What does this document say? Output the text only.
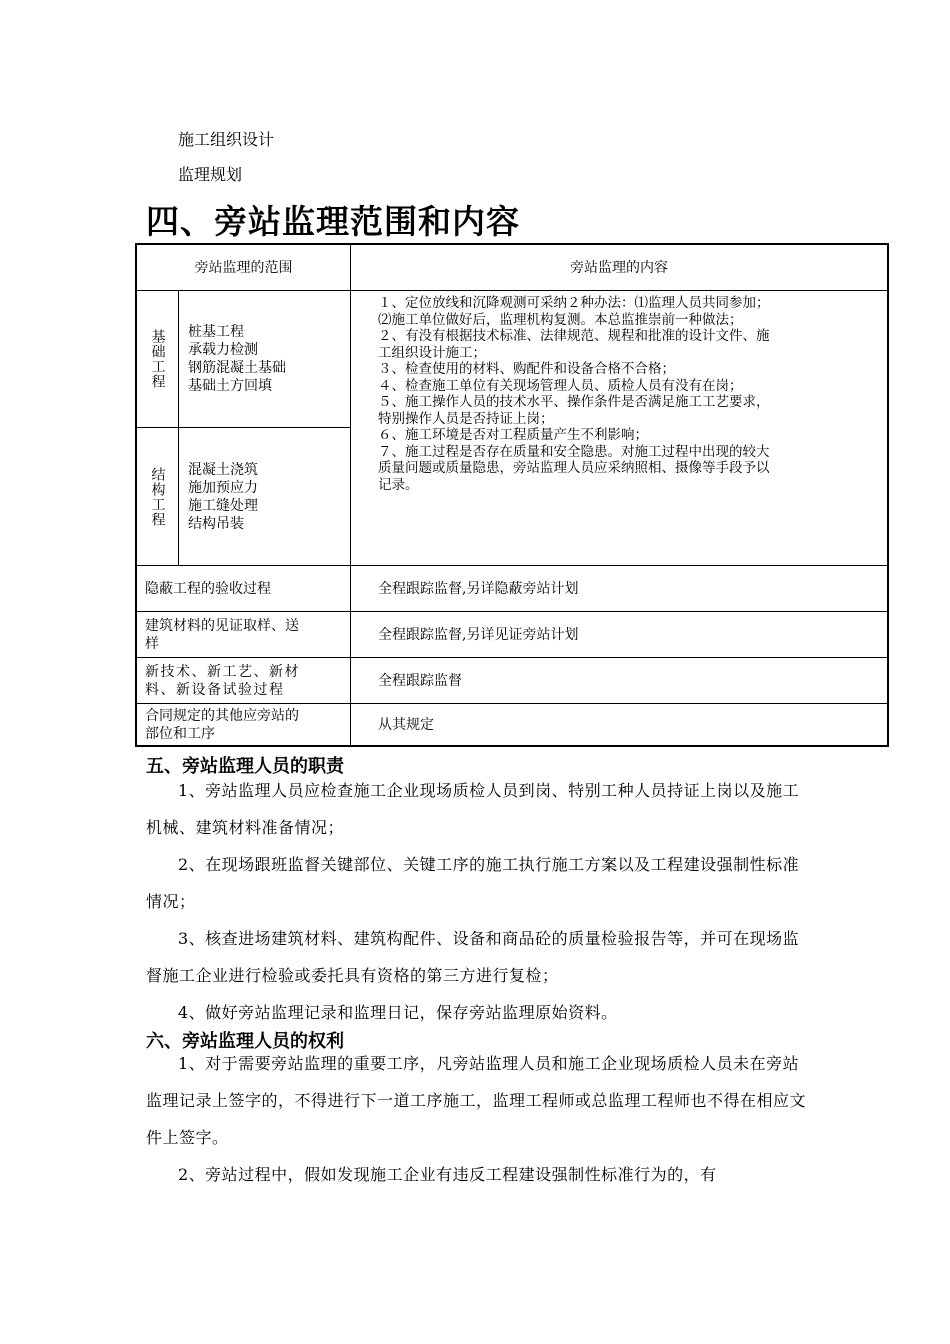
施工组织设计
监理规划
四、旁站监理范围和内容
旁站监理的范围	旁站监理的内容
基础工程 桩基工程
承载力检测
钢筋混凝土基础
基础土方回填
结构工程 混凝土浇筑
施加预应力
施工缝处理
结构吊装
１、定位放线和沉降观测可采纳２种办法：⑴监理人员共同参加；
⑵施工单位做好后，监理机构复测。本总监推崇前一种做法；
２、有没有根据技术标准、法律规范、规程和批准的设计文件、施
工组织设计施工；
３、检查使用的材料、购配件和设备合格不合格；
４、检查施工单位有关现场管理人员、质检人员有没有在岗；
５、施工操作人员的技术水平、操作条件是否满足施工工艺要求，
特别操作人员是否持证上岗；
６、施工环境是否对工程质量产生不利影响；
７、施工过程是否存在质量和安全隐患。对施工过程中出现的较大
质量问题或质量隐患，旁站监理人员应采纳照相、摄像等手段予以
记录。
隐蔽工程的验收过程	全程跟踪监督,另详隐蔽旁站计划
建筑材料的见证取样、送
样
全程跟踪监督,另详见证旁站计划
新技术、新工艺、新材
料、新设备试验过程
全程跟踪监督
合同规定的其他应旁站的
部位和工序
从其规定
五、旁站监理人员的职责

1、旁站监理人员应检查施工企业现场质检人员到岗、特别工种人员持证上岗以及施工机械、建筑材料准备情况；

2、在现场跟班监督关键部位、关键工序的施工执行施工方案以及工程建设强制性标准情况；

3、核查进场建筑材料、建筑构配件、设备和商品砼的质量检验报告等，并可在现场监督施工企业进行检验或委托具有资格的第三方进行复检；

4、做好旁站监理记录和监理日记，保存旁站监理原始资料。

六、旁站监理人员的权利

1、对于需要旁站监理的重要工序，凡旁站监理人员和施工企业现场质检人员未在旁站监理记录上签字的，不得进行下一道工序施工，监理工程师或总监理工程师也不得在相应文件上签字。

2、旁站过程中，假如发现施工企业有违反工程建设强制性标准行为的，有
